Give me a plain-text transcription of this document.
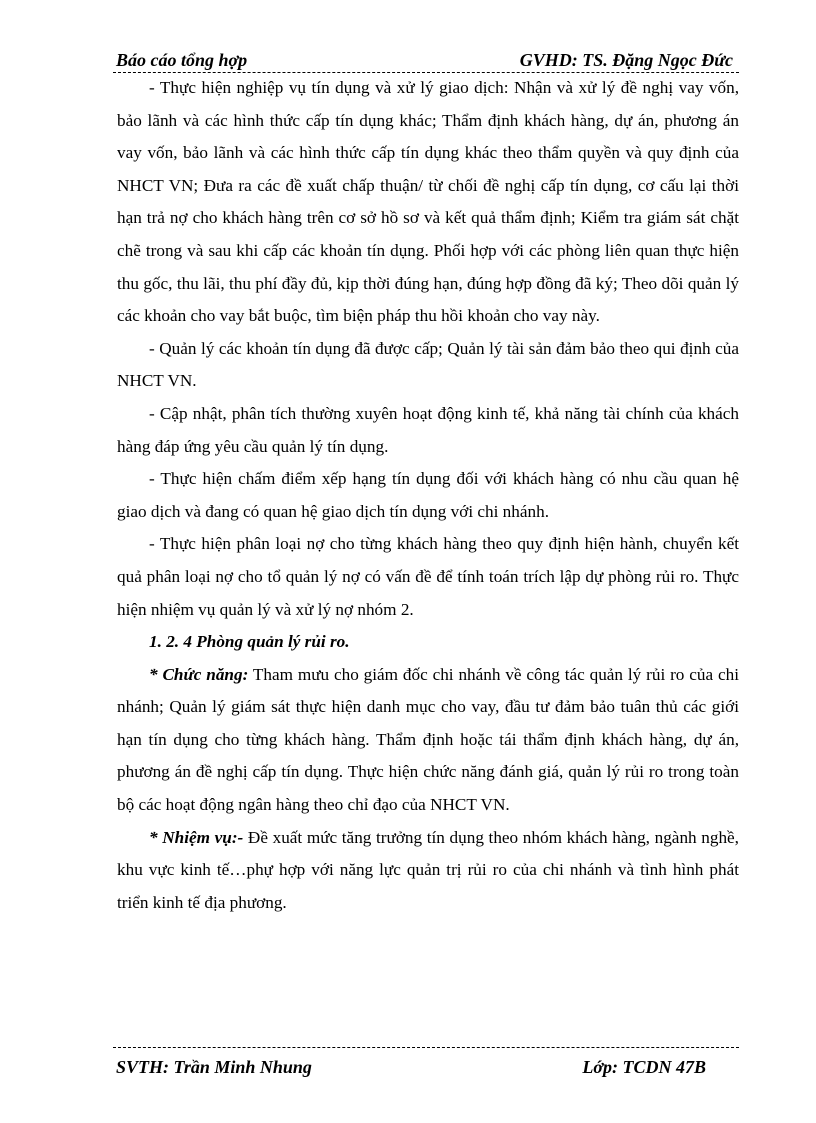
Báo cáo tổng hợp	GVHD: TS. Đặng Ngọc Đức

- Thực hiện nghiệp vụ tín dụng và xử lý giao dịch: Nhận và xử lý đề nghị vay vốn, bảo lãnh và các hình thức cấp tín dụng khác; Thẩm định khách hàng, dự án, phương án vay vốn, bảo lãnh và các hình thức cấp tín dụng khác theo thẩm quyền và quy định của NHCT VN; Đưa ra các đề xuất chấp thuận/ từ chối đề nghị cấp tín dụng, cơ cấu lại thời hạn trả nợ cho khách hàng trên cơ sở hồ sơ và kết quả thẩm định; Kiểm tra giám sát chặt chẽ trong và sau khi cấp các khoản tín dụng. Phối hợp với các phòng liên quan thực hiện thu gốc, thu lãi, thu phí đầy đủ, kịp thời đúng hạn, đúng hợp đồng đã ký; Theo dõi quản lý các khoản cho vay bắt buộc, tìm biện pháp thu hồi khoản cho vay này.

- Quản lý các khoản tín dụng đã được cấp; Quản lý tài sản đảm bảo theo qui định của NHCT VN.

- Cập nhật, phân tích thường xuyên hoạt động kinh tế, khả năng tài chính của khách hàng đáp ứng yêu cầu quản lý tín dụng.

- Thực hiện chấm điểm xếp hạng tín dụng đối với khách hàng có nhu cầu quan hệ giao dịch và đang có quan hệ giao dịch tín dụng với chi nhánh.

- Thực hiện phân loại nợ cho từng khách hàng theo quy định hiện hành, chuyển kết quả phân loại nợ cho tổ quản lý nợ có vấn đề để tính toán trích lập dự phòng rủi ro. Thực hiện nhiệm vụ quản lý và xử lý nợ nhóm 2.

1. 2. 4 Phòng quản lý rủi ro.

* Chức năng: Tham mưu cho giám đốc chi nhánh về công tác quản lý rủi ro của chi nhánh; Quản lý giám sát thực hiện danh mục cho vay, đầu tư đảm bảo tuân thủ các giới hạn tín dụng cho từng khách hàng. Thẩm định hoặc tái thẩm định khách hàng, dự án, phương án đề nghị cấp tín dụng. Thực hiện chức năng đánh giá, quản lý rủi ro trong toàn bộ các hoạt động ngân hàng theo chỉ đạo của NHCT VN.

* Nhiệm vụ:- Đề xuất mức tăng trưởng tín dụng theo nhóm khách hàng, ngành nghề, khu vực kinh tế…phự hợp với năng lực quản trị rủi ro của chi nhánh và tình hình phát triển kinh tế địa phương.

SVTH: Trần Minh Nhung	Lớp: TCDN 47B
